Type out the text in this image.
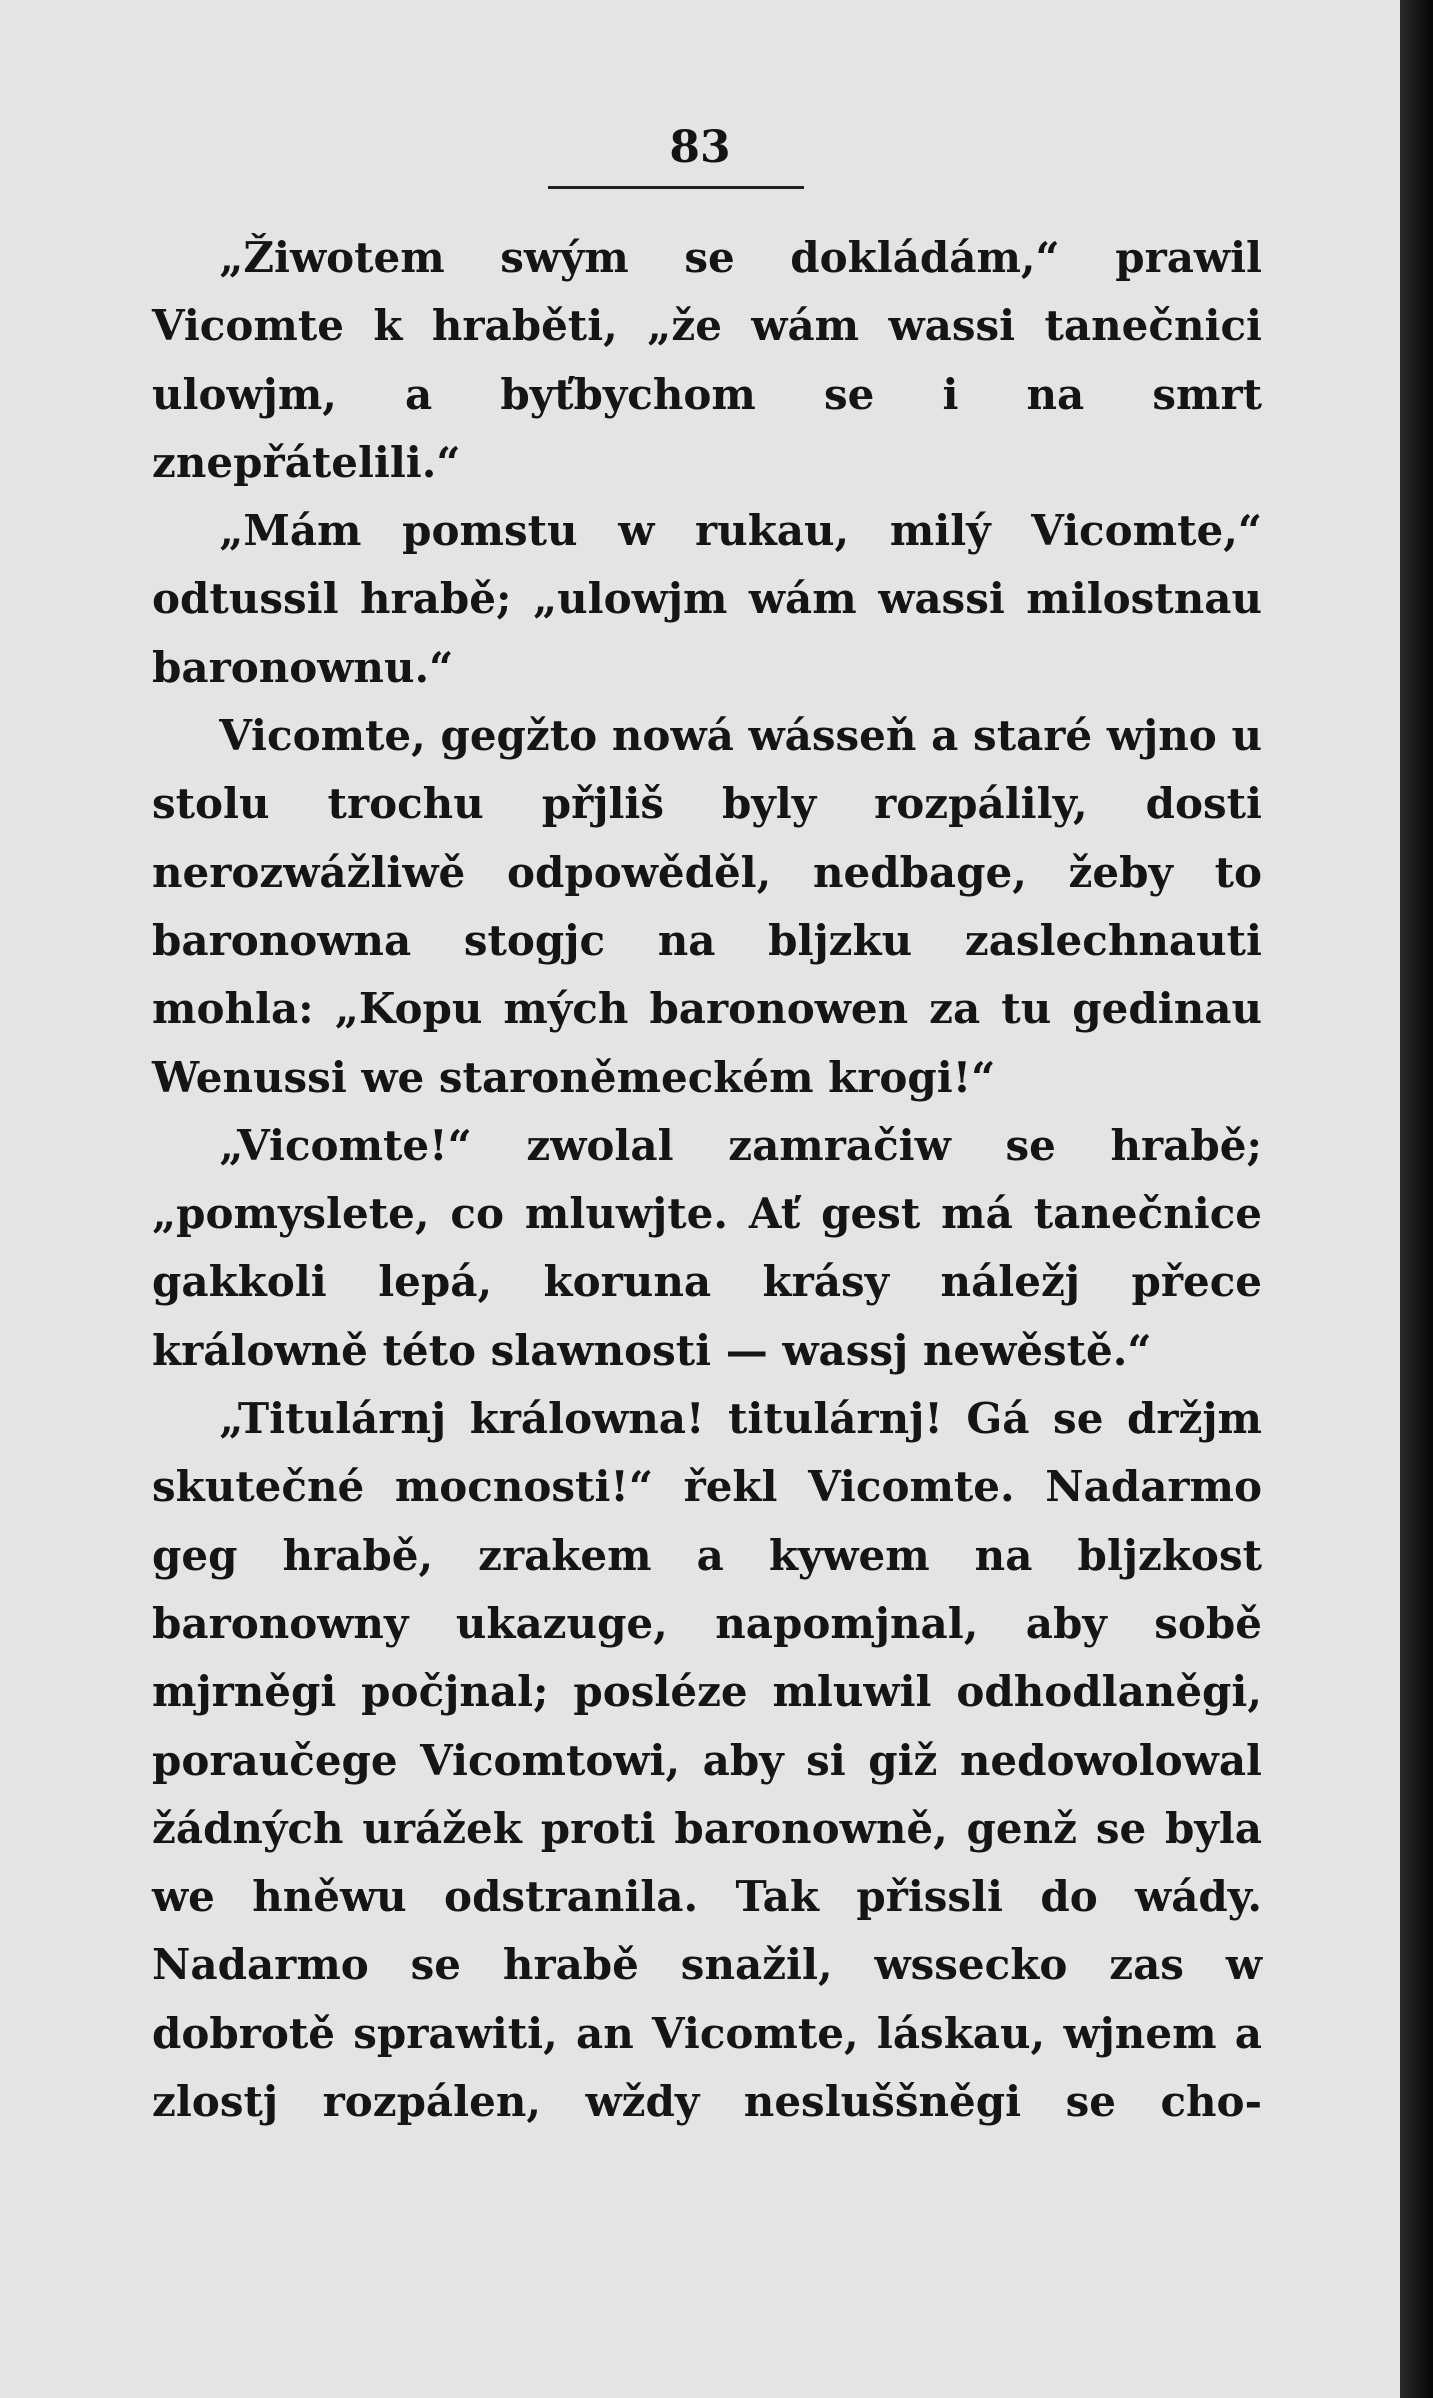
83

„Žiwotem swým se dokládám,“ prawil Vicomte k hraběti, „že wám wassi tanečnici ulowjm, a byťbychom se i na smrt znepřátelili.“

„Mám pomstu w rukau, milý Vicomte,“ odtussil hrabě; „ulowjm wám wassi milostnau baronownu.“

Vicomte, gegžto nowá wásseň a staré wjno u stolu trochu přjliš byly rozpálily, dosti nerozwážliwě odpowěděl, nedbage, žeby to baronowna stogjc na bljzku zaslechnauti mohla: „Kopu mých baronowen za tu gedinau Wenussi we staroněmeckém krogi!“

„Vicomte!“ zwolal zamračiw se hrabě; „pomyslete, co mluwjte. Ať gest má tanečnice gakkoli lepá, koruna krásy náležj přece králowně této slawnosti — wassj newěstě.“

„Titulárnj králowna! titulárnj! Gá se držjm skutečné mocnosti!“ řekl Vicomte. Nadarmo geg hrabě, zrakem a kywem na bljzkost baronowny ukazuge, napomjnal, aby sobě mjrněgi počjnal; posléze mluwil odhodlaněgi, poraučege Vicomtowi, aby si giž nedowolowal žádných urážek proti baronowně, genž se byla we hněwu odstranila. Tak přissli do wády. Nadarmo se hrabě snažil, wssecko zas w dobrotě sprawiti, an Vicomte, láskau, wjnem a zlostj rozpálen, wždy nesluššněgi se cho-
